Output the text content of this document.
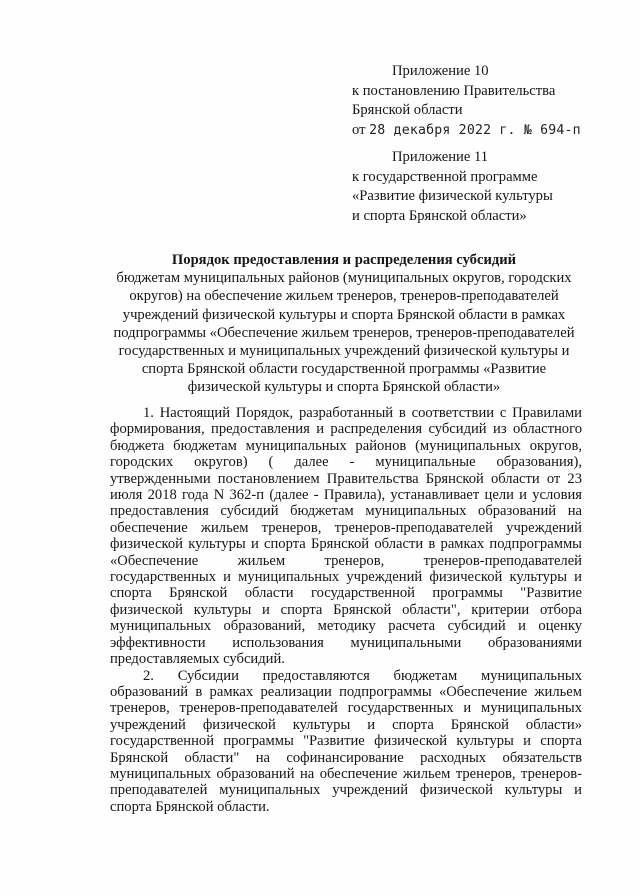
Приложение 10
к постановлению Правительства
Брянской области
от 28 декабря 2022 г. № 694-п
Приложение 11
к государственной программе
«Развитие физической культуры
и спорта Брянской области»
Порядок предоставления и распределения субсидий
бюджетам муниципальных районов (муниципальных округов, городских
округов) на обеспечение жильем тренеров, тренеров-преподавателей
учреждений физической культуры и спорта Брянской области в рамках
подпрограммы «Обеспечение жильем тренеров, тренеров-преподавателей
государственных и муниципальных учреждений физической культуры и
спорта Брянской области государственной программы «Развитие
физической культуры и спорта Брянской области»

1. Настоящий Порядок, разработанный в соответствии с Правилами формирования, предоставления и распределения субсидий из областного бюджета бюджетам муниципальных районов (муниципальных округов, городских округов) ( далее - муниципальные образования), утвержденными постановлением Правительства Брянской области от 23 июля 2018 года N 362-п (далее - Правила), устанавливает цели и условия предоставления субсидий бюджетам муниципальных образований на обеспечение жильем тренеров, тренеров-преподавателей учреждений физической культуры и спорта Брянской области в рамках подпрограммы «Обеспечение жильем тренеров, тренеров-преподавателей государственных и муниципальных учреждений физической культуры и спорта Брянской области государственной программы "Развитие физической культуры и спорта Брянской области", критерии отбора муниципальных образований, методику расчета субсидий и оценку эффективности использования муниципальными образованиями предоставляемых субсидий.

2. Субсидии предоставляются бюджетам муниципальных образований в рамках реализации подпрограммы «Обеспечение жильем тренеров, тренеров-преподавателей государственных и муниципальных учреждений физической культуры и спорта Брянской области» государственной программы "Развитие физической культуры и спорта Брянской области" на софинансирование расходных обязательств муниципальных образований на обеспечение жильем тренеров, тренеров-преподавателей муниципальных учреждений физической культуры и спорта Брянской области.
